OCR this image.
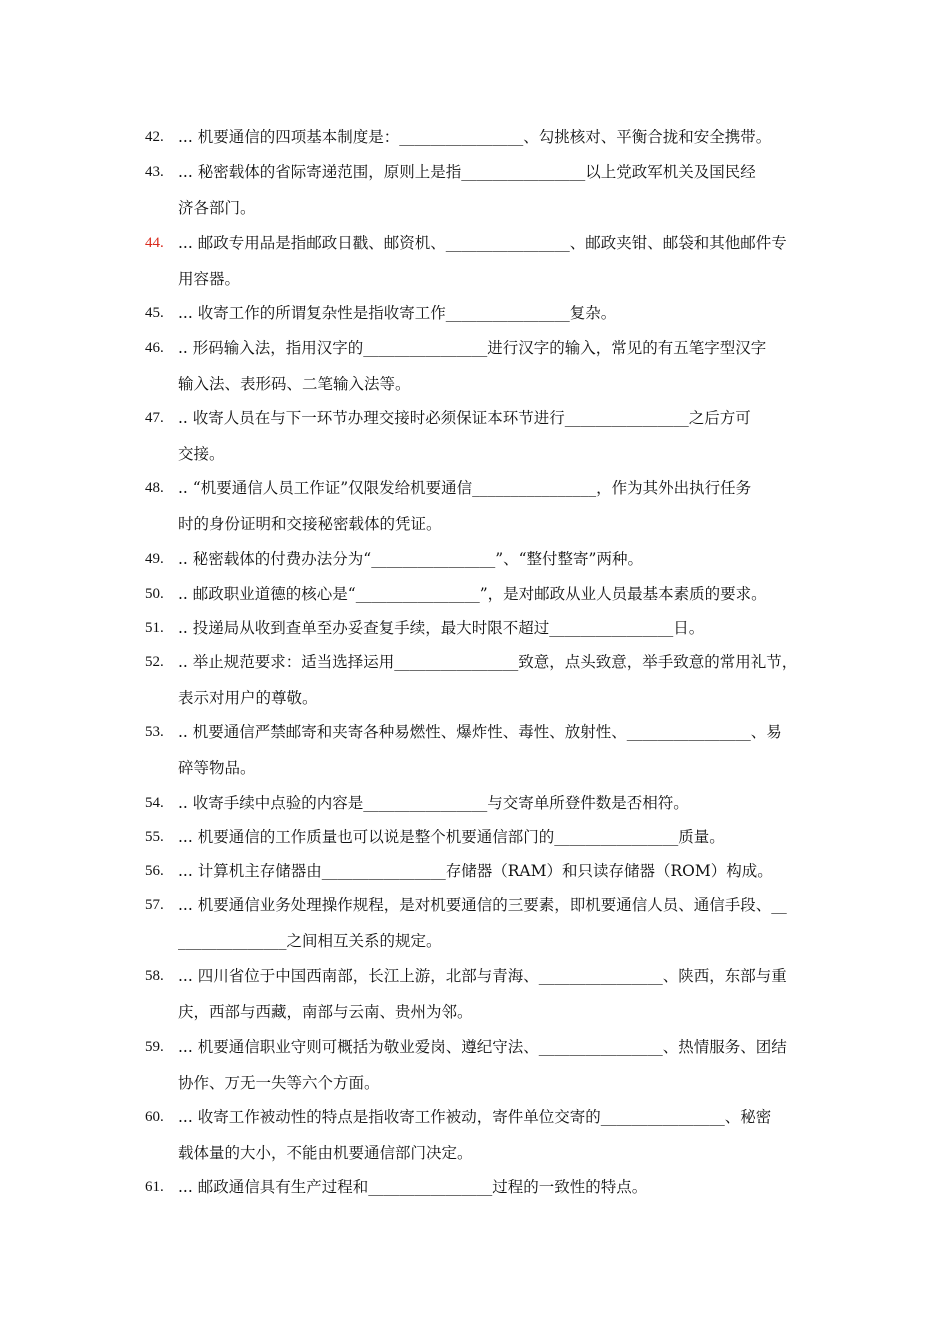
42. ... 机要通信的四项基本制度是：________________、勾挑核对、平衡合拢和安全携带。
43. ... 秘密载体的省际寄递范围，原则上是指________________以上党政军机关及国民经
济各部门。
44. ... 邮政专用品是指邮政日戳、邮资机、________________、邮政夹钳、邮袋和其他邮件专
用容器。
45. ... 收寄工作的所谓复杂性是指收寄工作________________复杂。
46. .. 形码输入法，指用汉字的________________进行汉字的输入，常见的有五笔字型汉字
输入法、表形码、二笔输入法等。
47. .. 收寄人员在与下一环节办理交接时必须保证本环节进行________________之后方可
交接。
48. .. “机要通信人员工作证”仅限发给机要通信________________，作为其外出执行任务
时的身份证明和交接秘密载体的凭证。
49. .. 秘密载体的付费办法分为“________________”、“整付整寄”两种。
50. .. 邮政职业道德的核心是“________________”，是对邮政从业人员最基本素质的要求。
51. .. 投递局从收到查单至办妥查复手续，最大时限不超过________________日。
52. .. 举止规范要求：适当选择运用________________致意，点头致意，举手致意的常用礼节，
表示对用户的尊敬。
53. .. 机要通信严禁邮寄和夹寄各种易燃性、爆炸性、毒性、放射性、________________、易
碎等物品。
54. .. 收寄手续中点验的内容是________________与交寄单所登件数是否相符。
55. ... 机要通信的工作质量也可以说是整个机要通信部门的________________质量。
56. ... 计算机主存储器由________________存储器（RAM）和只读存储器（ROM）构成。
57. ... 机要通信业务处理操作规程，是对机要通信的三要素，即机要通信人员、通信手段、__
______________之间相互关系的规定。
58. ... 四川省位于中国西南部，长江上游，北部与青海、________________、陕西，东部与重
庆，西部与西藏，南部与云南、贵州为邻。
59. ... 机要通信职业守则可概括为敬业爱岗、遵纪守法、________________、热情服务、团结
协作、万无一失等六个方面。
60. ... 收寄工作被动性的特点是指收寄工作被动，寄件单位交寄的________________、秘密
载体量的大小，不能由机要通信部门决定。
61. ... 邮政通信具有生产过程和________________过程的一致性的特点。
